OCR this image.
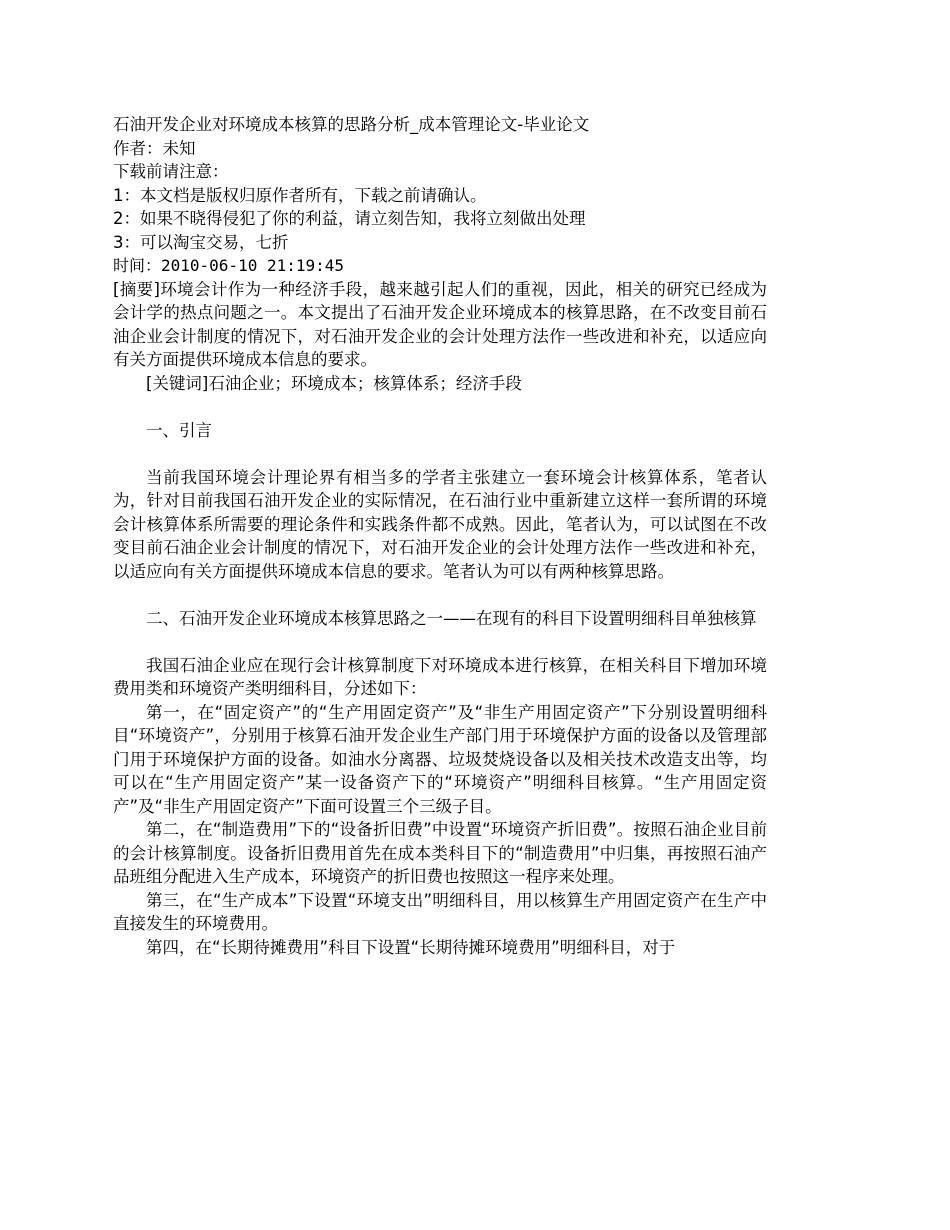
石油开发企业对环境成本核算的思路分析_成本管理论文-毕业论文

作者：未知

下载前请注意：

1：本文档是版权归原作者所有，下载之前请确认。

2：如果不晓得侵犯了你的利益，请立刻告知，我将立刻做出处理

3：可以淘宝交易，七折

时间：2010-06-10 21:19:45

[摘要]环境会计作为一种经济手段，越来越引起人们的重视，因此，相关的研究已经成为会计学的热点问题之一。本文提出了石油开发企业环境成本的核算思路，在不改变目前石油企业会计制度的情况下，对石油开发企业的会计处理方法作一些改进和补充，以适应向有关方面提供环境成本信息的要求。

[关键词]石油企业；环境成本；核算体系；经济手段

一、引言

当前我国环境会计理论界有相当多的学者主张建立一套环境会计核算体系，笔者认为，针对目前我国石油开发企业的实际情况，在石油行业中重新建立这样一套所谓的环境会计核算体系所需要的理论条件和实践条件都不成熟。因此，笔者认为，可以试图在不改变目前石油企业会计制度的情况下，对石油开发企业的会计处理方法作一些改进和补充，以适应向有关方面提供环境成本信息的要求。笔者认为可以有两种核算思路。

二、石油开发企业环境成本核算思路之一——在现有的科目下设置明细科目单独核算

我国石油企业应在现行会计核算制度下对环境成本进行核算，在相关科目下增加环境费用类和环境资产类明细科目，分述如下：

第一，在“固定资产”的“生产用固定资产”及“非生产用固定资产”下分别设置明细科目“环境资产”，分别用于核算石油开发企业生产部门用于环境保护方面的设备以及管理部门用于环境保护方面的设备。如油水分离器、垃圾焚烧设备以及相关技术改造支出等，均可以在“生产用固定资产”某一设备资产下的“环境资产”明细科目核算。“生产用固定资产”及“非生产用固定资产”下面可设置三个三级子目。

第二，在“制造费用”下的“设备折旧费”中设置“环境资产折旧费”。按照石油企业目前的会计核算制度。设备折旧费用首先在成本类科目下的“制造费用”中归集，再按照石油产品班组分配进入生产成本，环境资产的折旧费也按照这一程序来处理。

第三，在“生产成本”下设置“环境支出”明细科目，用以核算生产用固定资产在生产中直接发生的环境费用。

第四，在“长期待摊费用”科目下设置“长期待摊环境费用”明细科目，对于
